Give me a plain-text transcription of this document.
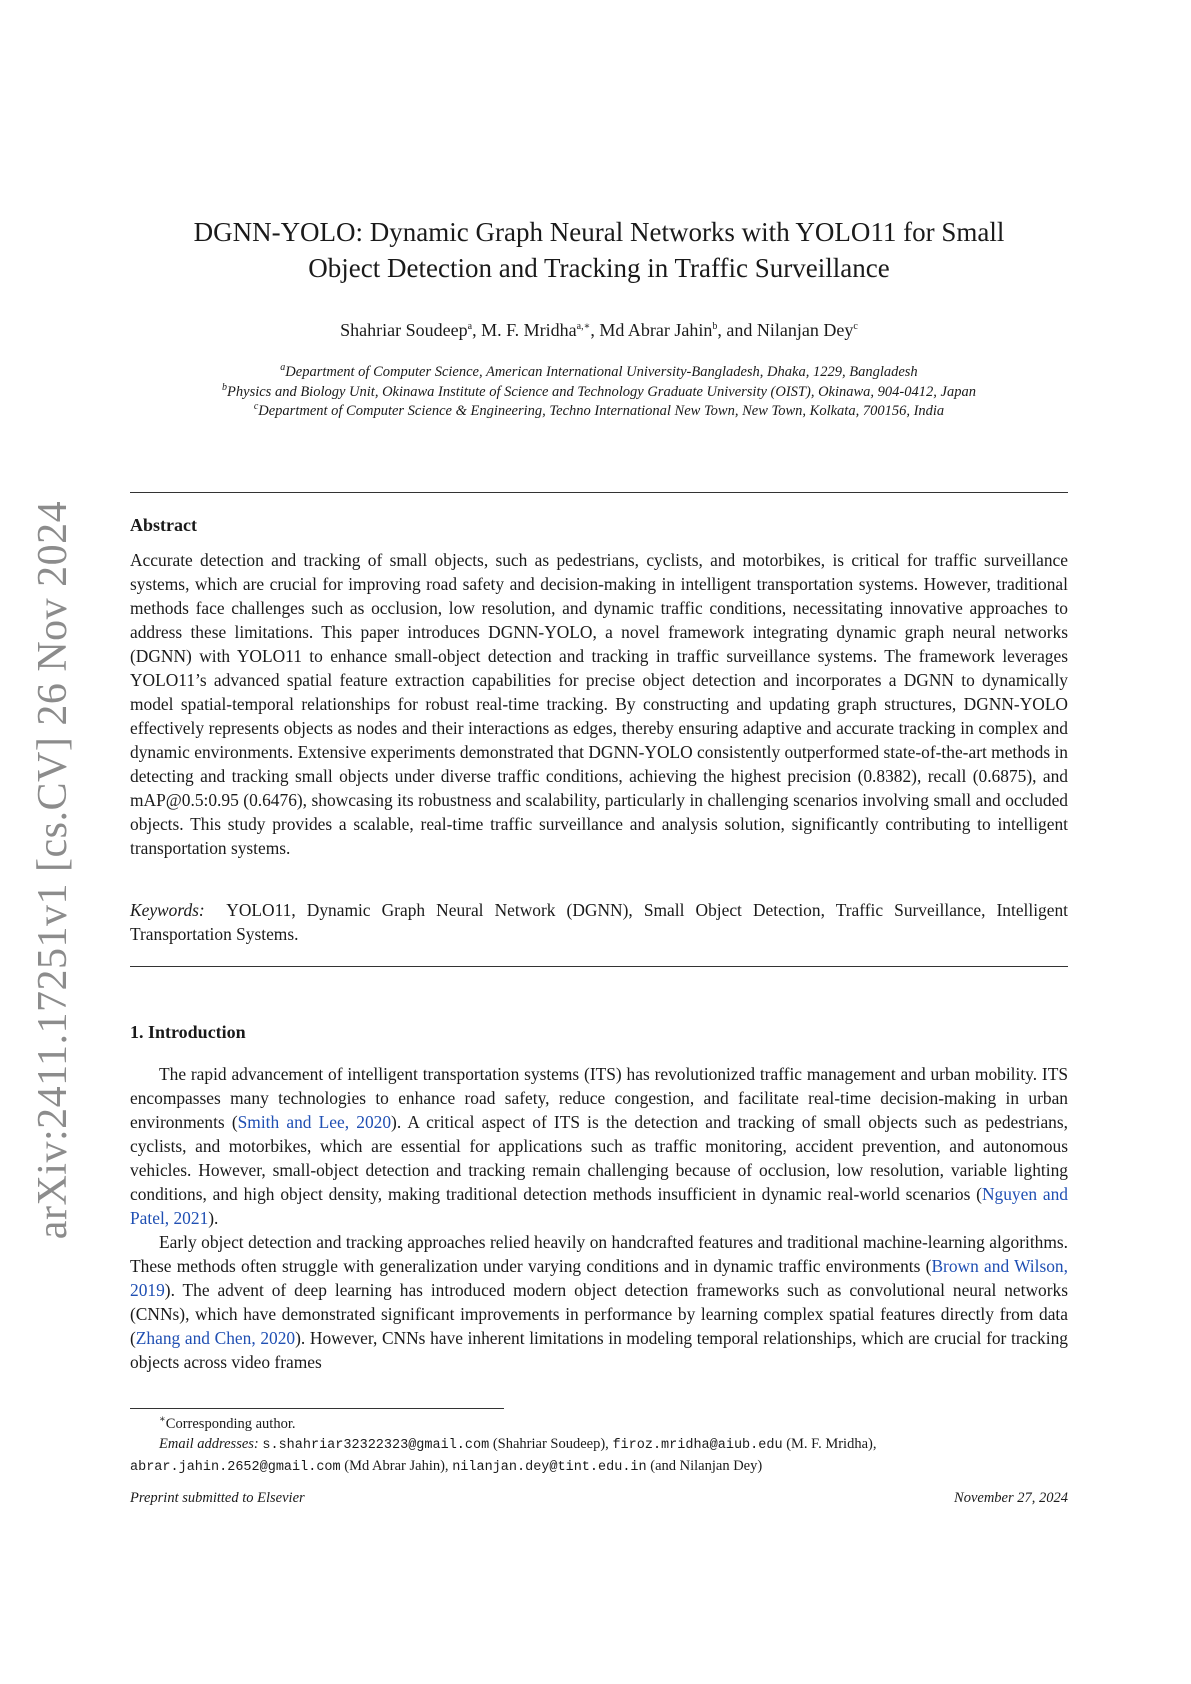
arXiv:2411.17251v1 [cs.CV] 26 Nov 2024
DGNN-YOLO: Dynamic Graph Neural Networks with YOLO11 for Small
Object Detection and Tracking in Traffic Surveillance
Shahriar Soudeep$^a$, M. F. Mridha$^{a,∗}$, Md Abrar Jahin$^b$, and Nilanjan Dey$^c$
$^a$Department of Computer Science, American International University-Bangladesh, Dhaka, 1229, Bangladesh
$^b$Physics and Biology Unit, Okinawa Institute of Science and Technology Graduate University (OIST), Okinawa, 904-0412, Japan
$^c$Department of Computer Science & Engineering, Techno International New Town, New Town, Kolkata, 700156, India
Abstract
Accurate detection and tracking of small objects, such as pedestrians, cyclists, and motorbikes, is critical for traffic surveillance systems, which are crucial for improving road safety and decision-making in intelligent transportation systems. However, traditional methods face challenges such as occlusion, low resolution, and dynamic traffic conditions, necessitating innovative approaches to address these limitations. This paper introduces DGNN-YOLO, a novel framework integrating dynamic graph neural networks (DGNN) with YOLO11 to enhance small-object detection and tracking in traffic surveillance systems. The framework leverages YOLO11’s advanced spatial feature extraction capabilities for precise object detection and incorporates a DGNN to dynamically model spatial-temporal relationships for robust real-time tracking. By constructing and updating graph structures, DGNN-YOLO effectively represents objects as nodes and their interactions as edges, thereby ensuring adaptive and accurate tracking in complex and dynamic environments. Extensive experiments demonstrated that DGNN-YOLO consistently outperformed state-of-the-art methods in detecting and tracking small objects under diverse traffic conditions, achieving the highest precision (0.8382), recall (0.6875), and mAP@0.5:0.95 (0.6476), showcasing its robustness and scalability, particularly in challenging scenarios involving small and occluded objects. This study provides a scalable, real-time traffic surveillance and analysis solution, significantly contributing to intelligent transportation systems.
Keywords: YOLO11, Dynamic Graph Neural Network (DGNN), Small Object Detection, Traffic Surveillance, Intelligent Transportation Systems.
1. Introduction

The rapid advancement of intelligent transportation systems (ITS) has revolutionized traffic management and urban mobility. ITS encompasses many technologies to enhance road safety, reduce congestion, and facilitate real-time decision-making in urban environments (Smith and Lee, 2020). A critical aspect of ITS is the detection and tracking of small objects such as pedestrians, cyclists, and motorbikes, which are essential for applications such as traffic monitoring, accident prevention, and autonomous vehicles. However, small-object detection and tracking remain challenging because of occlusion, low resolution, variable lighting conditions, and high object density, making traditional detection methods insufficient in dynamic real-world scenarios (Nguyen and Patel, 2021).

Early object detection and tracking approaches relied heavily on handcrafted features and traditional machine-learning algorithms. These methods often struggle with generalization under varying conditions and in dynamic traffic environments (Brown and Wilson, 2019). The advent of deep learning has introduced modern object detection frameworks such as convolutional neural networks (CNNs), which have demonstrated significant improvements in performance by learning complex spatial features directly from data (Zhang and Chen, 2020). However, CNNs have inherent limitations in modeling temporal relationships, which are crucial for tracking objects across video frames

∗Corresponding author.

Email addresses: s.shahriar32322323@gmail.com (Shahriar Soudeep), firoz.mridha@aiub.edu (M. F. Mridha),

abrar.jahin.2652@gmail.com (Md Abrar Jahin), nilanjan.dey@tint.edu.in (and Nilanjan Dey)

Preprint submitted to Elsevier	November 27, 2024
